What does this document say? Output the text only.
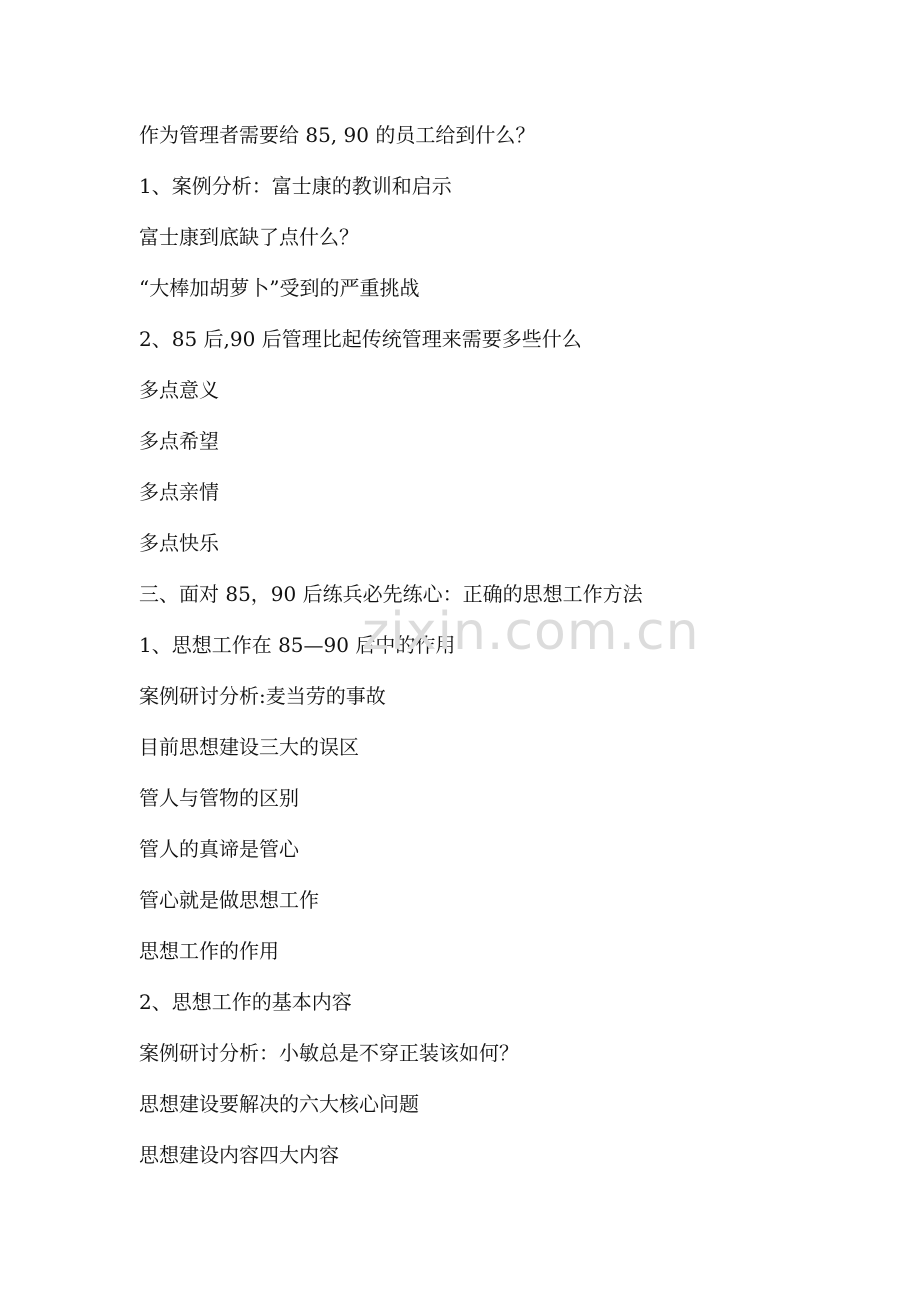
作为管理者需要给 85, 90 的员工给到什么？
1、案例分析：富士康的教训和启示
富士康到底缺了点什么？
“大棒加胡萝卜”受到的严重挑战
2、85 后,90 后管理比起传统管理来需要多些什么
多点意义
多点希望
多点亲情
多点快乐
三、面对 85，90 后练兵必先练心：正确的思想工作方法
1、思想工作在 85—90 后中的作用
案例研讨分析:麦当劳的事故
目前思想建设三大的误区
管人与管物的区别
管人的真谛是管心
管心就是做思想工作
思想工作的作用
2、思想工作的基本内容
案例研讨分析：小敏总是不穿正装该如何？
思想建设要解决的六大核心问题
思想建设内容四大内容
zixin.com.cn
